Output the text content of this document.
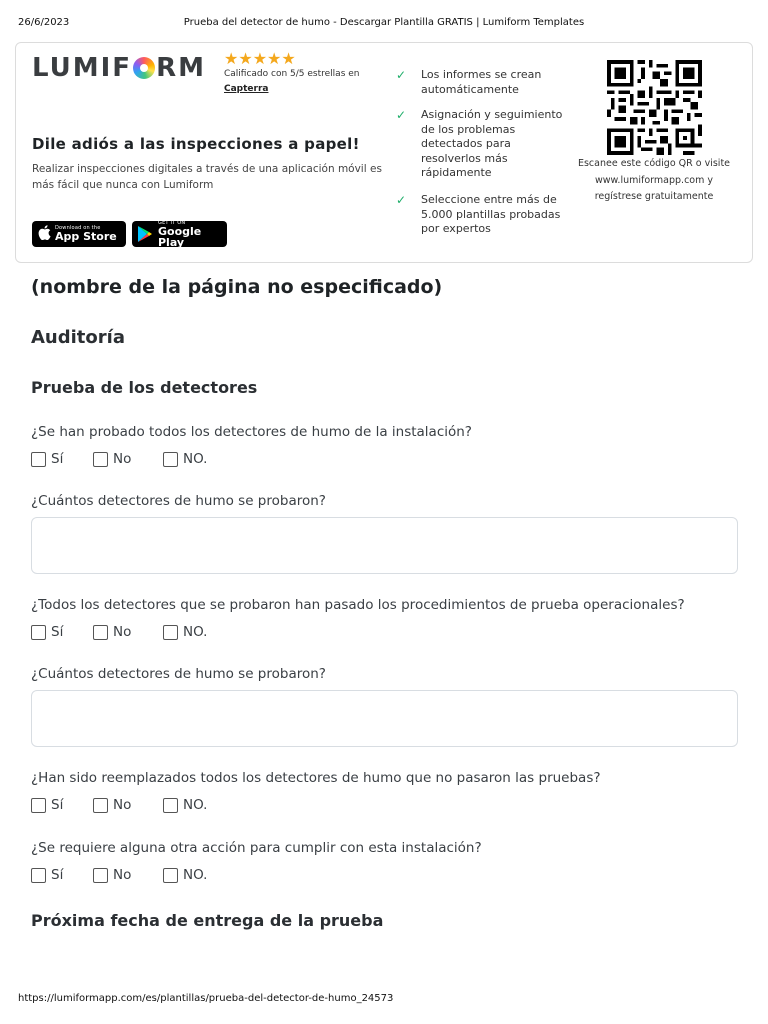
26/6/2023	Prueba del detector de humo - Descargar Plantilla GRATIS | Lumiform Templates
LUMIF RM ★★★★★
Calificado con 5/5 estrellas en
Capterra
Dile adiós a las inspecciones a papel!
Realizar inspecciones digitales a través de una aplicación móvil es más fácil que nunca con Lumiform
Download on the
App Store
GET IT ON
Google Play
✓	Los informes se crean automáticamente
✓	Asignación y seguimiento de los problemas detectados para resolverlos más rápidamente
✓	Seleccione entre más de 5.000 plantillas probadas por expertos
Escanee este código QR o visite www.lumiformapp.com y regístrese gratuitamente
(nombre de la página no especificado)
Auditoría
Prueba de los detectores
¿Se han probado todos los detectores de humo de la instalación?
Sí	No	NO.
¿Cuántos detectores de humo se probaron?
¿Todos los detectores que se probaron han pasado los procedimientos de prueba operacionales?
Sí	No	NO.
¿Cuántos detectores de humo se probaron?
¿Han sido reemplazados todos los detectores de humo que no pasaron las pruebas?
Sí	No	NO.
¿Se requiere alguna otra acción para cumplir con esta instalación?
Sí	No	NO.
Próxima fecha de entrega de la prueba
https://lumiformapp.com/es/plantillas/prueba-del-detector-de-humo_24573
